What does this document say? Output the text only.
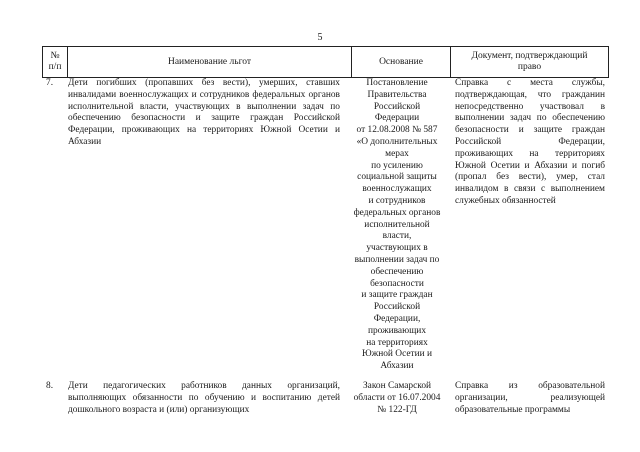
5
№
п/п
Наименование льгот	Основание
Документ, подтверждающий право
7. Дети погибших (пропавших без вести), умерших, ставших инвалидами военнослужащих и сотрудников федеральных органов исполнительной власти, участвующих в выполнении задач по обеспечению безопасности и защите граждан Российской Федерации, проживающих на территориях Южной Осетии и Абхазии
Постановление
Правительства
Российской
Федерации
от 12.08.2008 № 587
«О дополнительных
мерах
по усилению
социальной защиты
военнослужащих
и сотрудников
федеральных органов
исполнительной
власти,
участвующих в
выполнении задач по
обеспечению
безопасности
и защите граждан
Российской
Федерации,
проживающих
на территориях
Южной Осетии и
Абхазии
Справка с места службы, подтверждающая, что гражданин непосредственно участвовал в выполнении задач по обеспечению безопасности и защите граждан Российской Федерации, проживающих на территориях Южной Осетии и Абхазии и погиб (пропал без вести), умер, стал инвалидом в связи с выполнением служебных обязанностей
8. Дети педагогических работников данных организаций, выполняющих обязанности по обучению и воспитанию детей дошкольного возраста и (или) организующих
Закон Самарской
области от 16.07.2004
№ 122-ГД
Справка из образовательной организации, реализующей образовательные программы
